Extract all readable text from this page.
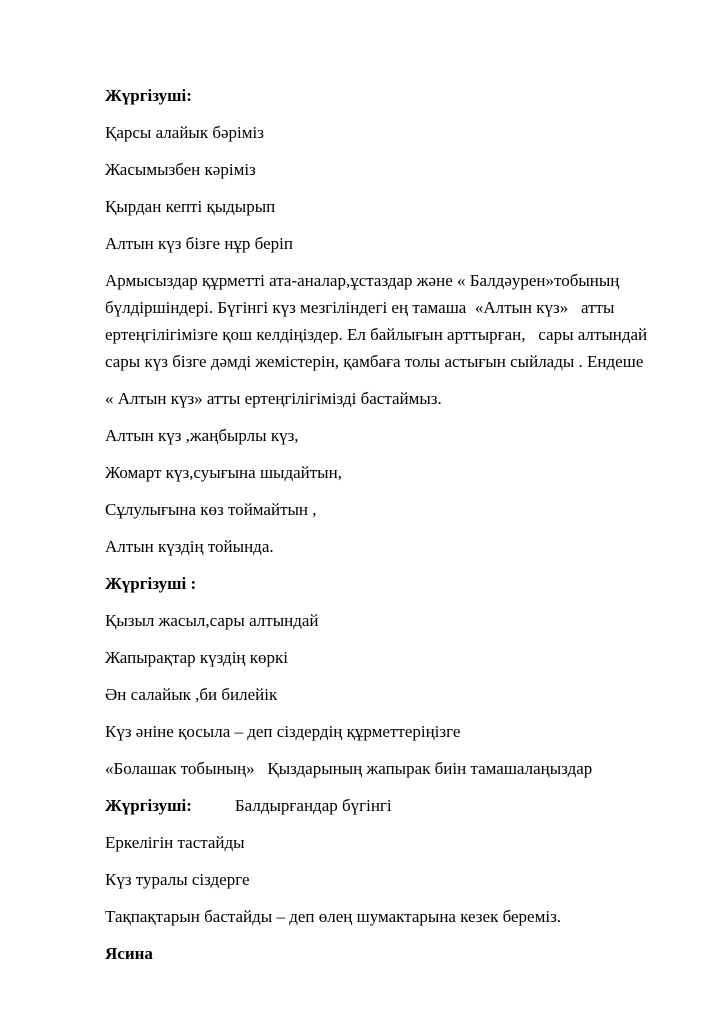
Жүргізуші:

Қарсы алайык бәріміз

Жасымызбен кәріміз

Қырдан кепті қыдырып

Алтын күз бізге нұр беріп

Армысыздар құрметті ата-аналар,ұстаздар және « Балдәурен»тобының бүлдіршіндері. Бүгінгі күз мезгіліндегі ең тамаша  «Алтын күз»   атты ертеңгілігімізге қош келдіңіздер. Ел байлығын арттырған,   сары алтындай сары күз бізге дәмді жемістерін, қамбаға толы астығын сыйлады . Ендеше

« Алтын күз» атты ертеңгілігімізді бастаймыз.

Алтын күз ,жаңбырлы күз,

Жомарт күз,суығына шыдайтын,

Сұлулығына көз тоймайтын ,

Алтын күздің тойында.

Жүргізуші :

Қызыл жасыл,сары алтындай

Жапырақтар күздің көркі

Ән салайык ,би билейік

Күз әніне қосыла – деп сіздердің құрметтеріңізге

«Болашак тобының»   Қыздарының жапырак биін тамашалаңыздар

Жүргізуші:	Балдырғандар бүгінгі

Еркелігін тастайды

Күз туралы сіздерге

Тақпақтарын бастайды – деп өлең шумактарына кезек береміз.

Ясина
